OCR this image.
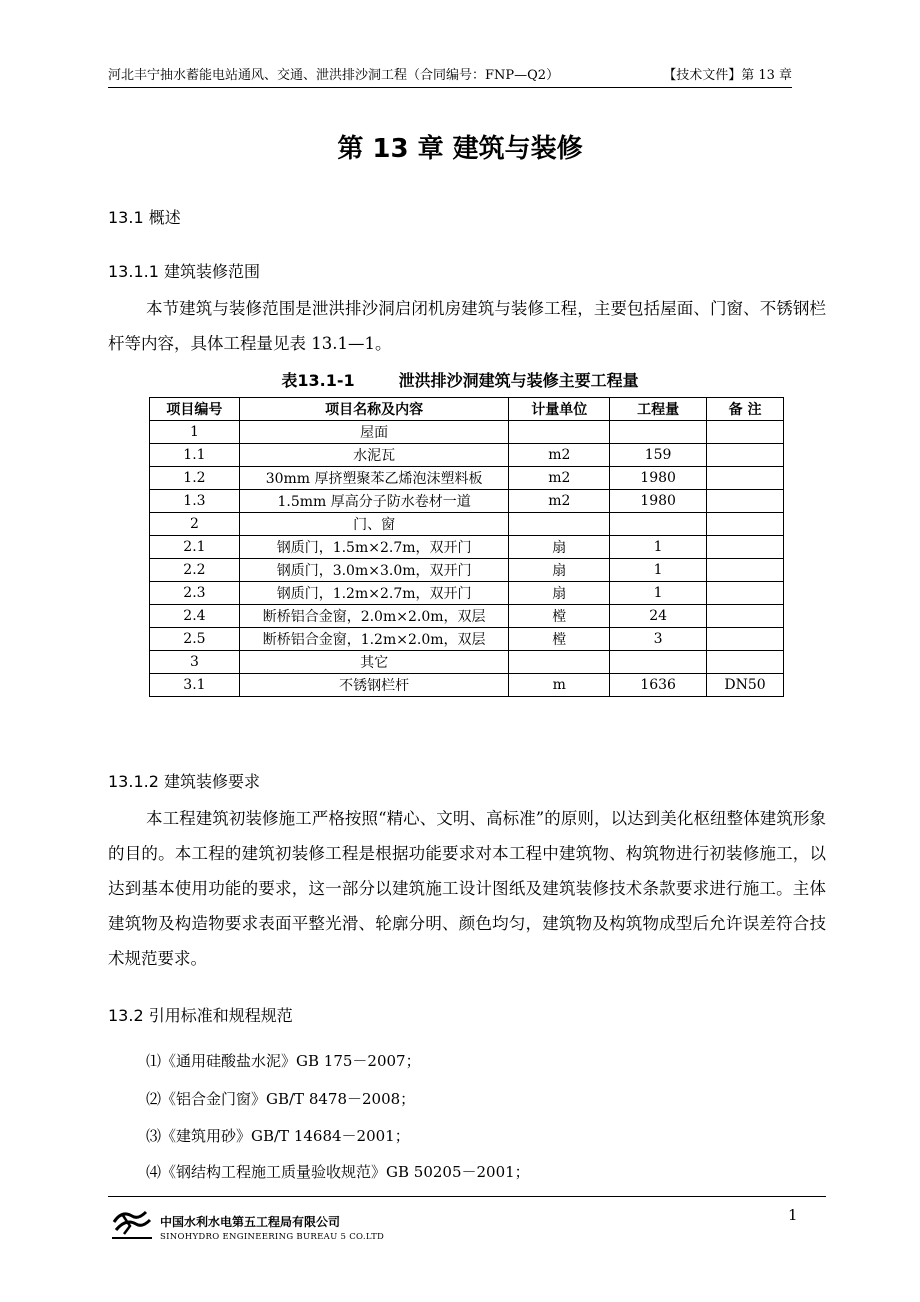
河北丰宁抽水蓄能电站通风、交通、泄洪排沙洞工程（合同编号：FNP—Q2）	【技术文件】第 13 章
第 13 章 建筑与装修
13.1 概述
13.1.1 建筑装修范围
本节建筑与装修范围是泄洪排沙洞启闭机房建筑与装修工程，主要包括屋面、门窗、不锈钢栏杆等内容，具体工程量见表 13.1—1。
表13.1-1	泄洪排沙洞建筑与装修主要工程量
项目编号	项目名称及内容	计量单位	工程量	备 注
1	屋面			
1.1	水泥瓦	m2	159	
1.2	30mm 厚挤塑聚苯乙烯泡沫塑料板	m2	1980	
1.3	1.5mm 厚高分子防水卷材一道	m2	1980	
2	门、窗			
2.1	钢质门，1.5m×2.7m，双开门	扇	1	
2.2	钢质门，3.0m×3.0m，双开门	扇	1	
2.3	钢质门，1.2m×2.7m，双开门	扇	1	
2.4	断桥铝合金窗，2.0m×2.0m，双层	樘	24	
2.5	断桥铝合金窗，1.2m×2.0m，双层	樘	3	
3	其它			
3.1	不锈钢栏杆	m	1636	DN50
13.1.2 建筑装修要求
本工程建筑初装修施工严格按照“精心、文明、高标准”的原则，以达到美化枢纽整体建筑形象的目的。本工程的建筑初装修工程是根据功能要求对本工程中建筑物、构筑物进行初装修施工，以达到基本使用功能的要求，这一部分以建筑施工设计图纸及建筑装修技术条款要求进行施工。主体建筑物及构造物要求表面平整光滑、轮廓分明、颜色均匀，建筑物及构筑物成型后允许误差符合技术规范要求。
13.2 引用标准和规程规范
⑴《通用硅酸盐水泥》GB 175－2007；
⑵《铝合金门窗》GB/T 8478－2008；
⑶《建筑用砂》GB/T 14684－2001；
⑷《钢结构工程施工质量验收规范》GB 50205－2001；
中国水利水电第五工程局有限公司
SINOHYDRO ENGINEERING BUREAU 5 CO.LTD
1
